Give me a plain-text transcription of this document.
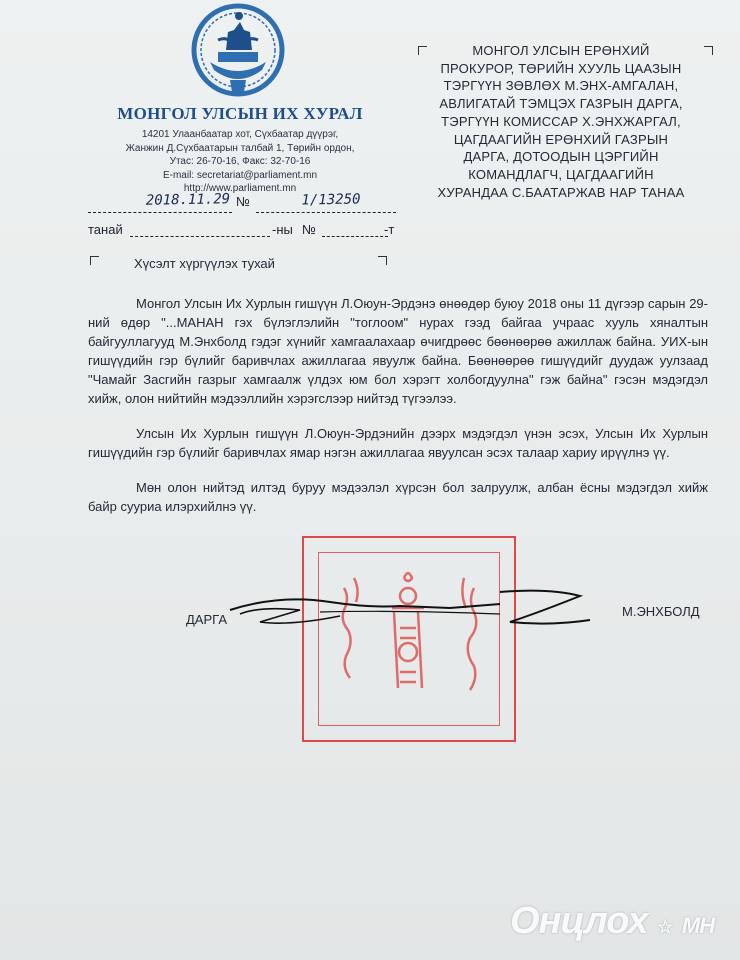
МОНГОЛ УЛСЫН ИХ ХУРАЛ
14201 Улаанбаатар хот, Сүхбаатар дүүрэг,
Жанжин Д.Сүхбаатарын талбай 1, Төрийн ордон,
Утас: 26-70-16, Факс: 32-70-16
E-mail: secretariat@parliament.mn
http://www.parliament.mn
МОНГОЛ УЛСЫН ЕРӨНХИЙ
ПРОКУРОР, ТӨРИЙН ХУУЛЬ ЦААЗЫН
ТЭРГҮҮН ЗӨВЛӨХ М.ЭНХ-АМГАЛАН,
АВЛИГАТАЙ ТЭМЦЭХ ГАЗРЫН ДАРГА,
ТЭРГҮҮН КОМИССАР Х.ЭНХЖАРГАЛ,
ЦАГДААГИЙН ЕРӨНХИЙ ГАЗРЫН
ДАРГА, ДОТООДЫН ЦЭРГИЙН
КОМАНДЛАГЧ, ЦАГДААГИЙН
ХУРАНДАА С.БААТАРЖАВ НАР ТАНАА
2018.11.29 №	1/13250
танай	-ны №	-т
Хүсэлт хүргүүлэх тухай

Монгол Улсын Их Хурлын гишүүн Л.Оюун-Эрдэнэ өнөөдөр буюу 2018 оны 11 дүгээр сарын 29-ний өдөр "...МАНАН гэх бүлэглэлийн "тоглоом" нурах гээд байгаа учраас хууль хяналтын байгууллагууд М.Энхболд гэдэг хүнийг хамгаалахаар өчигдрөөс бөөнөөрөө ажиллаж байна. УИХ-ын гишүүдийн гэр бүлийг баривчлах ажиллагаа явуулж байна. Бөөнөөрөө гишүүдийг дуудаж уулзаад "Чамайг Засгийн газрыг хамгаалж үлдэх юм бол хэрэгт холбогдуулна" гэж байна" гэсэн мэдэгдэл хийж, олон нийтийн мэдээллийн хэрэгслээр нийтэд түгээлээ.

Улсын Их Хурлын гишүүн Л.Оюун-Эрдэнийн дээрх мэдэгдэл үнэн эсэх, Улсын Их Хурлын гишүүдийн гэр бүлийг баривчлах ямар нэгэн ажиллагаа явуулсан эсэх талаар хариу ирүүлнэ үү.

Мөн олон нийтэд илтэд буруу мэдээлэл хүрсэн бол залруулж, албан ёсны мэдэгдэл хийж байр сууриа илэрхийлнэ үү.

ДАРГА
М.ЭНХБОЛД
Онцлох ☆ МН
